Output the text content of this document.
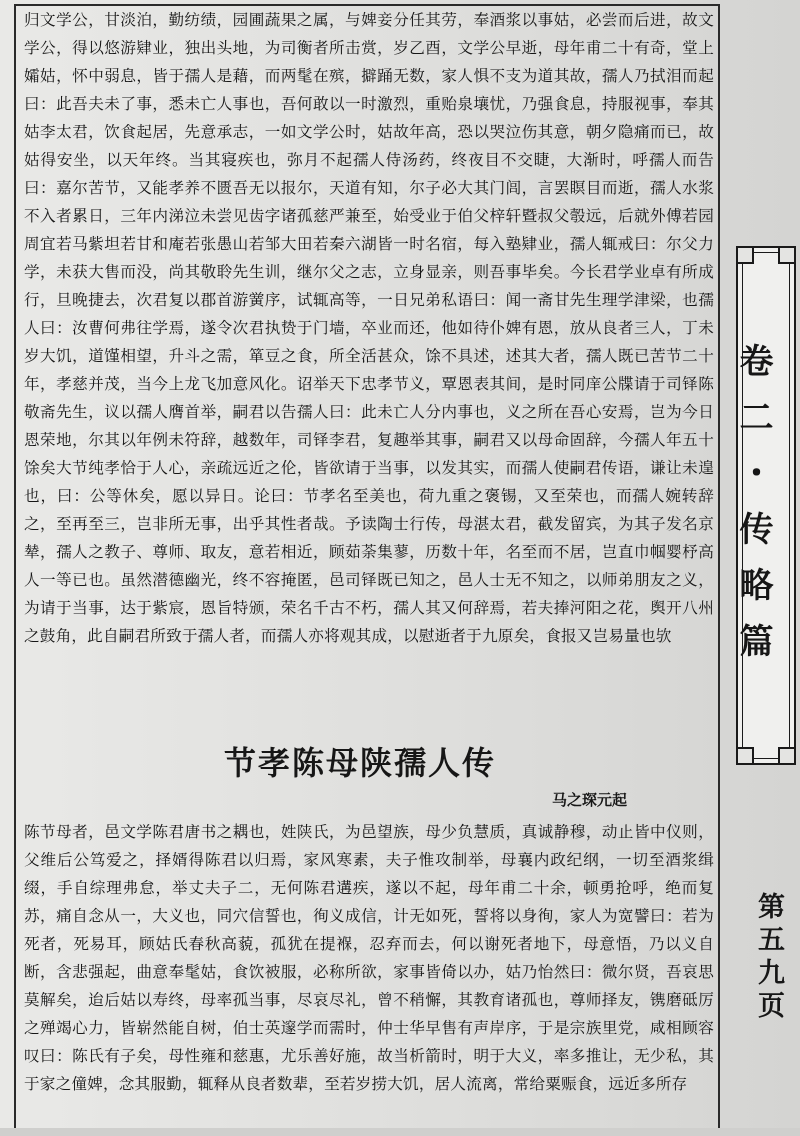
归文学公，甘淡泊，勤纺绩，园圃蔬果之属，与婢妾分任其劳，奉酒浆以事姑，必尝而后进，故文学公，得以悠游肄业，独出头地，为司衡者所击赏，岁乙酉，文学公早逝，母年甫二十有奇，堂上孀姑，怀中弱息，皆于孺人是藉，而两髦在殡，擗踊无数，家人惧不支为道其故，孺人乃拭泪而起曰：此吾夫未了事，悉未亡人事也，吾何敢以一时激烈，重贻泉壤忧，乃强食息，持服视事，奉其姑李太君，饮食起居，先意承志，一如文学公时，姑故年高，恐以哭泣伤其意，朝夕隐痛而已，故姑得安坐，以天年终。当其寝疾也，弥月不起孺人侍汤药，终夜目不交睫，大渐时，呼孺人而告曰：嘉尔苦节，又能孝养不匮吾无以报尔，天道有知，尔子必大其门闾，言罢瞑目而逝，孺人水浆不入者累日，三年内涕泣未尝见齿字诸孤慈严兼至，始受业于伯父梓轩暨叔父彀远，后就外傅若园周宜若马紫坦若甘和庵若张愚山若邹大田若秦六湖皆一时名宿，每入塾肄业，孺人辄戒曰：尔父力学，未获大售而没，尚其敬聆先生训，继尔父之志，立身显亲，则吾事毕矣。今长君学业卓有所成行，旦晚捷去，次君复以郡首游黉序，试辄高等，一日兄弟私语曰：闻一斋甘先生理学津梁，也孺人曰：汝曹何弗往学焉，遂令次君执贽于门墙，卒业而还，他如待仆婢有恩，放从良者三人，丁未岁大饥，道馑相望，升斗之需，箪豆之食，所全活甚众，馀不具述，述其大者，孺人既已苦节二十年，孝慈并茂，当今上龙飞加意风化。诏举天下忠孝节义，覃恩表其间，是时同庠公牒请于司铎陈敬斋先生，议以孺人膺首举，嗣君以告孺人曰：此未亡人分内事也，义之所在吾心安焉，岂为今日恩荣地，尔其以年例未符辞，越数年，司铎李君，复趣举其事，嗣君又以母命固辞，今孺人年五十馀矣大节纯孝恰于人心，亲疏远近之伦，皆欲请于当事，以发其实，而孺人使嗣君传语，谦让未遑也，曰：公等休矣，愿以异日。论曰：节孝名至美也，荷九重之褒锡，又至荣也，而孺人婉转辞之，至再至三，岂非所无事，出乎其性者哉。予读陶士行传，母湛太君，截发留宾，为其子发名京辇，孺人之教子、尊师、取友，意若相近，顾茹荼集蓼，历数十年，名至而不居，岂直巾帼婴杼高人一等已也。虽然潜德幽光，终不容掩匿，邑司铎既已知之，邑人士无不知之，以师弟朋友之义，为请于当事，达于紫宸，恩旨特颁，荣名千古不朽，孺人其又何辞焉，若夫捧河阳之花，舆开八州之鼓角，此自嗣君所致于孺人者，而孺人亦将观其成，以慰逝者于九原矣，食报又岂易量也欤
节孝陈母陕孺人传
马之琛元起
陈节母者，邑文学陈君唐书之耦也，姓陕氏，为邑望族，母少负慧质，真诚静穆，动止皆中仪则，父维后公笃爱之，择婿得陈君以归焉，家风寒素，夫子惟攻制举，母襄内政纪纲，一切至酒浆缉缀，手自综理弗怠，举丈夫子二，无何陈君遘疾，遂以不起，母年甫二十余，顿勇抢呼，绝而复苏，痛自念从一，大义也，同穴信誓也，徇义成信，计无如死，誓将以身徇，家人为宽譬曰：若为死者，死易耳，顾姑氏春秋高藐，孤犹在提褓，忍弃而去，何以谢死者地下，母意悟，乃以义自断，含悲强起，曲意奉髦姑，食饮被服，必称所欲，家事皆倚以办，姑乃怡然曰：微尔贤，吾哀思莫解矣，迨后姑以寿终，母率孤当事，尽哀尽礼，曾不稍懈，其教育诸孤也，尊师择友，镌磨砥厉之殚竭心力，皆崭然能自树，伯士英邃学而需时，仲士华早售有声岸序，于是宗族里党，咸相顾容叹曰：陈氏有子矣，母性雍和慈惠，尤乐善好施，故当析箭时，明于大义，率多推让，无少私，其于家之僮婢，念其服勤，辄释从良者数辈，至若岁捞大饥，居人流离，常给粟赈食，远近多所存
卷二・传略篇
第五九页
